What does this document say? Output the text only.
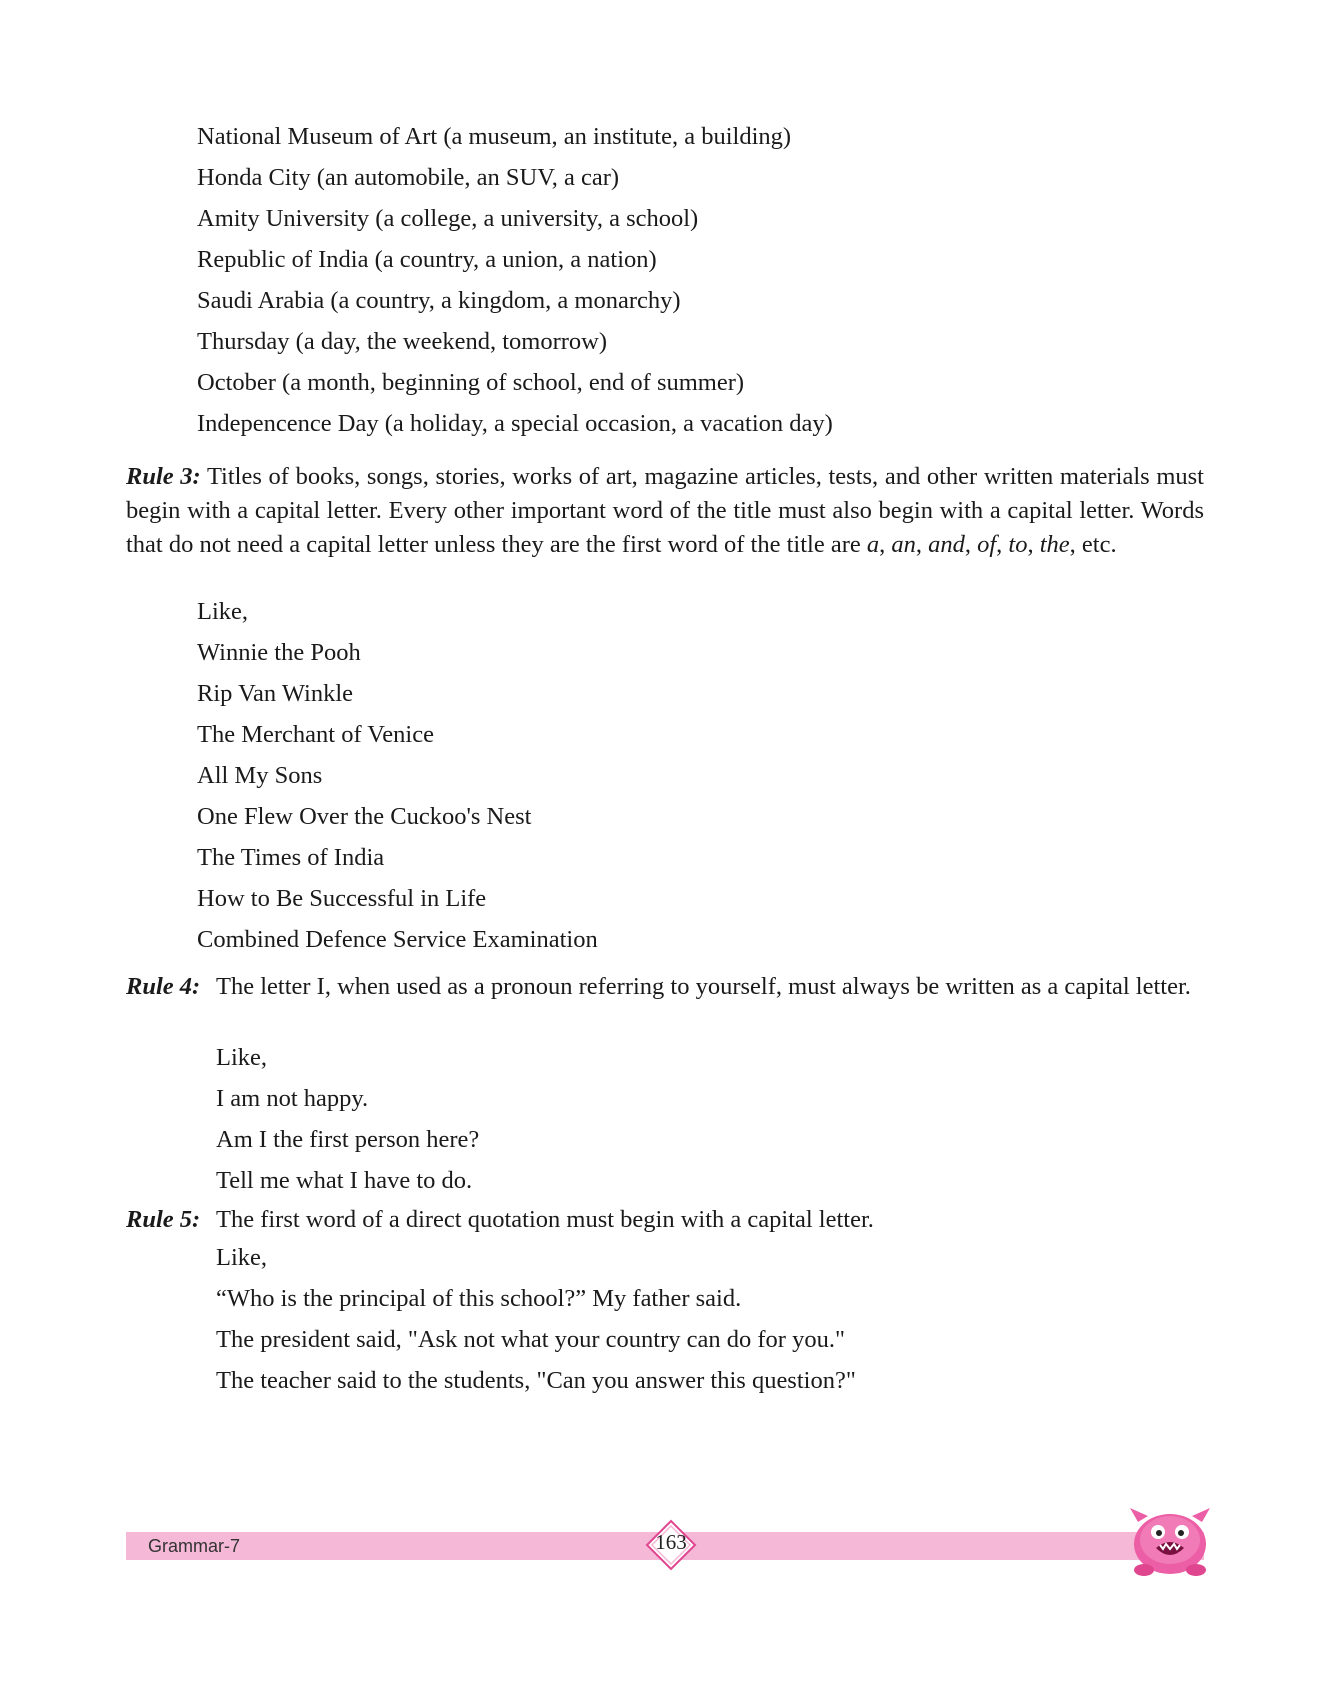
National Museum of Art (a museum, an institute, a building)
Honda City (an automobile, an SUV, a car)
Amity University (a college, a university, a school)
Republic of India (a country, a union, a nation)
Saudi Arabia (a country, a kingdom, a monarchy)
Thursday (a day, the weekend, tomorrow)
October (a month, beginning of school, end of summer)
Indepencence Day (a holiday, a special occasion, a vacation day)
Rule 3: Titles of books, songs, stories, works of art, magazine articles, tests, and other written materials must begin with a capital letter. Every other important word of the title must also begin with a capital letter. Words that do not need a capital letter unless they are the first word of the title are a, an, and, of, to, the, etc.
Like,
Winnie the Pooh
Rip Van Winkle
The Merchant of Venice
All My Sons
One Flew Over the Cuckoo's Nest
The Times of India
How to Be Successful in Life
Combined Defence Service Examination
Rule 4: The letter I, when used as a pronoun referring to yourself, must always be written as a capital letter.
Like,
I am not happy.
Am I the first person here?
Tell me what I have to do.
Rule 5: The first word of a direct quotation must begin with a capital letter.
Like,
“Who is the principal of this school?” My father said.
The president said, "Ask not what your country can do for you."
The teacher said to the students, "Can you answer this question?"
Grammar-7	163
